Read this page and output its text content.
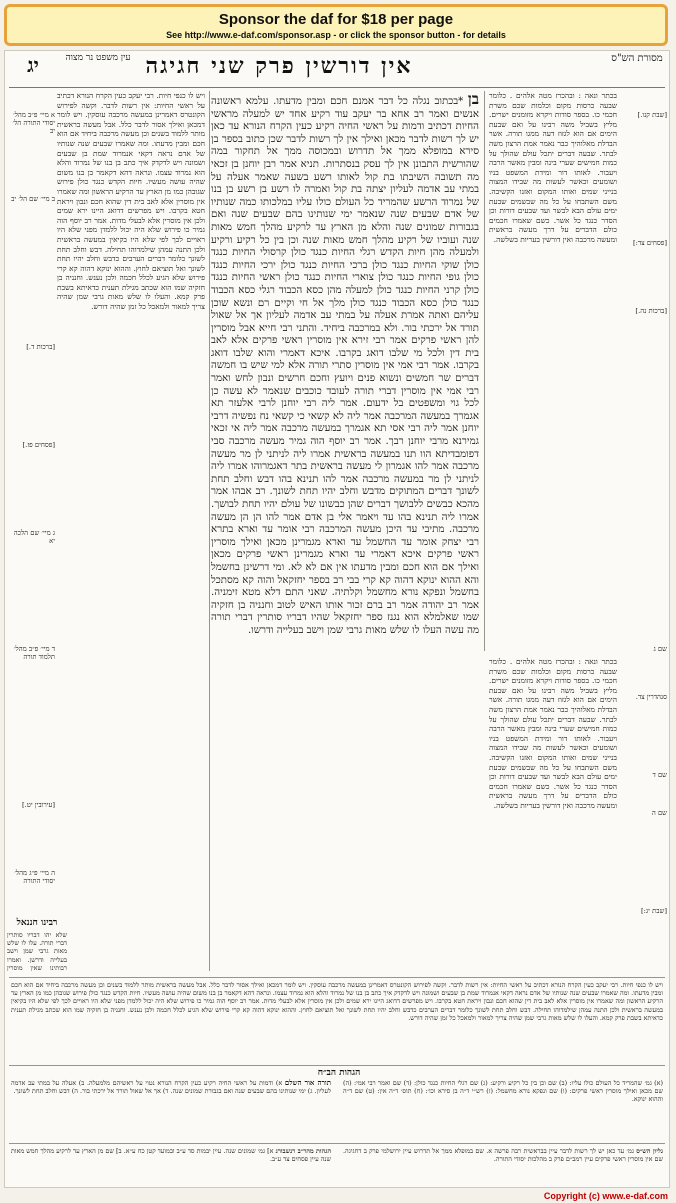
Sponsor the daf for $18 per page
See http://www.e-daf.com/sponsor.asp - or click the sponsor button - for details
מסורת הש"ס
אין דורשין פרק שני חגיגה
עין משפט נר מצוה
יג
[שבת קנו.]
[פסחים צד:]
[ברכות נה.]
שם ג
סנהדרין צד.
שם ד
שם ה
[שבת יג:]
בכתר ונאה : ובהכרז מטה אלהים . כלומר שבעה כרסות מקום וכלמות שכם משרת חכמי כו. בספר סודות ויקרא מזומנים ישרים. מליץ בשביל משה רבינו על ואם שבעת הימים אם הוא לגזוז דעה ממגו תורה. אשר הבדלת מאלוהיך כבר נאמר אמת הרצון משה לבתר. שבעה דברים יתכל עולם שהולך על כמות חמישים שערי בינה ומבין מאשר הרבה ויעבור. לאותו דור ומידת המשפט בניו ושומעים וכאשר לעשות מה שבידו המצוה בנייני שמים ואותו המקום ואזנו הקשיבה. משם השתבחו על כל מה שבשמים שבעת ימים עולם הבא לבשר ועד שבעים דורות וכן הסדר כנגד כל אשר. כשם שאמרו חכמים כולם הדברים על דרך מעשה בראשית ומעשה מרכבה ואין דורשין בעריות בשלשה.
בן *בכתוב נגלה כל דבר אמנם חכם ומבין מדעתו. עלמא ראשונה אנשים ואמר רב אחא בר יעקב עוד רקיע אחד יש למעלה מראשי החיות דכתיב ודמות על ראשי החיה רקיע כעין הקרח הנורא עד כאן יש לך רשות לדבר מכאן ואילך אין לך רשות לדבר שכן כתוב בספר בן סירא במופלא ממך אל תדרוש ובמכוסה ממך אל תחקור במה שהורשית התבונן אין לך עסק בנסתרות. תניא אמר רבן יוחנן בן זכאי מה תשובה השיבתו בת קול לאותו רשע בשעה שאמר אעלה על במתי עב אדמה לעליון יצתה בת קול ואמרה לו רשע בן רשע בן בנו של נמרוד הרשע שהמריד כל העולם כולו עליו במלכותו כמה שנותיו של אדם שבעים שנה שנאמר ימי שנותינו בהם שבעים שנה ואם בגבורות שמונים שנה והלא מן הארץ עד לרקיע מהלך חמש מאות שנה ועוביו של רקיע מהלך חמש מאות שנה וכן בין כל רקיע ורקיע ולמעלה מהן חיות הקדש רגלי החיות כנגד כולן קרסולי החיות כנגד כולן שוקי החיות כנגד כולן ברכי החיות כנגד כולן ירכי החיות כנגד כולן גופי החיות כנגד כולן צוארי החיות כנגד כולן ראשי החיות כנגד כולן קרני החיות כנגד כולן למעלה מהן כסא הכבוד רגלי כסא הכבוד כנגד כולן כסא הכבוד כנגד כולן מלך אל חי וקיים רם ונשא שוכן עליהם ואתה אמרת אעלה על במתי עב אדמה לעליון אך אל שאול תורד אל ירכתי בור. ולא במרכבה ביחיד. והתני רבי חייא אבל מוסרין להן ראשי פרקים אמר רבי זירא אין מוסרין ראשי פרקים אלא לאב בית דין ולכל מי שלבו דואג בקרבו. איכא דאמרי והוא שלבו דואג בקרבו. אמר רבי אמי אין מוסרין סתרי תורה אלא למי שיש בו חמשה דברים שר חמשים ונשוא פנים ויועץ וחכם חרשים ונבון לחש ואמר רבי אמי אין מוסרין דברי תורה לעובד כוכבים שנאמר לא עשה כן לכל גוי ומשפטים בל ידעום. אמר ליה רבי יוחנן לרבי אלעזר תא אגמרך במעשה המרכבה אמר ליה לא קשאי כי קשאי נח נפשיה דרבי יוחנן אמר ליה רבי אסי תא אגמרך במעשה מרכבה אמר ליה אי זכאי גמירנא מרבי יוחנן רבך. אמר רב יוסף הוה גמיר מעשה מרכבה סבי דפומבדיתא הוו תנו במעשה בראשית אמרו ליה לניתני לן מר מעשה מרכבה אמר להו אגמרון לי מעשה בראשית בתר דאגמרוהו אמרו ליה לניתני לן מר במעשה מרכבה אמר להו תנינא בהו דבש וחלב תחת לשונך דברים המתוקים מדבש וחלב יהיו תחת לשונך. רב אבהו אמר מהכא כבשים ללבושך דברים שהן כבשונו של עולם יהיו תחת לבושך. אמרו ליה תנינא בהו עד ויאמר אלי בן אדם אמר להו הן הן מעשה מרכבה. מתיבי עד היכן מעשה המרכבה רבי אומר עד וארא בתרא רבי יצחק אומר עד החשמל עד וארא מגמרינן מכאן ואילך מוסרין ראשי פרקים איכא דאמרי עד וארא מגמרינן ראשי פרקים מכאן ואילך אם הוא חכם ומבין מדעתו אין אם לא לא. ומי דרשינן בחשמל והא ההוא ינוקא דהוה קא קרי בבי רב בספר יחזקאל והוה קא מסתכל בחשמל ונפקא נורא מחשמל וקלתיה. שאני התם דלא מטא זימניה. אמר רב יהודה אמר רב ברם זכור אותו האיש לטוב וחנניה בן חזקיה שמו שאלמלא הוא נגנז ספר יחזקאל שהיו דבריו סותרין דברי תורה מה עשה העלו לו שלש מאות גרבי שמן וישב בעלייה ודרשו.
ויש לו כנפי חיות. רבי יעקב כעין הקרח הנורא דכתיב על ראשי החיות: אין רשות לדבר. וקשה לפירוש הקונטרס דאמרינן במעשה מרכבה עוסקין. ויש לומר דמכאן ואילך אסור לדבר כלל. אבל מעשה בראשית מותר ללמוד בשנים וכן מעשה מרכבה ביחיד אם הוא חכם ומבין מדעתו. ומה שאמרו שבעים שנה שנותיו של אדם נראה דקאי אנמרוד שמת בן שבעים ושמונה ויש לדקדק איך כתב בן בנו של נמרוד והלא הוא נמרוד עצמו. ונראה דהא דקאמר בן בנו משום שהיה עושה מעשיו. חיות הקדש כנגד כולן פירוש שגובהן כמו מן הארץ עד הרקיע הראשון ומה שאמרו אין מוסרין אלא לאב בית דין שהוא חכם ונבון ויראת חטא בקרבו. ויש מפרשים דדואג היינו ירא שמים ולכן אין מוסרין אלא לבעלי מדות. אמר רב יוסף הוה גמיר כו פירוש שלא היה יכול ללמדן מפני שלא היו ראויים לכך לפי שלא היו בקיאין במעשה בראשית ולכן התנה עמהן שילמדוהו תחילה. דבש וחלב תחת לשונך כלומר דברים הערבים כדבש וחלב יהיו תחת לשונך ואל תוציאם לחוץ. וההוא ינוקא דהוה קא קרי פירוש שלא הגיע לכלל חכמה ולכן נענש. וחנניה בן חזקיה שמו הוא שכתב מגילת תענית כדאיתא בשבת פרק קמא. והעלו לו שלש מאות גרבי שמן שהיה צריך למאור ולמאכל כל זמן שהיה דורש.
בכתר ונאה : ובהכרז מטה אלהים . כלומר שבעה כרסות מקום וכלמות שכם משרת חכמי כו. בספר סודות ויקרא מזומנים ישרים. מליץ בשביל משה רבינו על ואם שבעת הימים אם הוא לגזוז דעה ממגו תורה. אשר הבדלת מאלוהיך כבר נאמר אמת הרצון משה לבתר. שבעה דברים יתכל עולם שהולך על כמות חמישים שערי בינה ומבין מאשר הרבה ויעבור. לאותו דור ומידת המשפט בניו ושומעים וכאשר לעשות מה שבידו המצוה בנייני שמים ואותו המקום ואזנו הקשיבה. משם השתבחו על כל מה שבשמים שבעת ימים עולם הבא לבשר ועד שבעים דורות וכן הסדר כנגד כל אשר. כשם שאמרו חכמים כולם הדברים על דרך מעשה בראשית ומעשה מרכבה ואין דורשין בעריות בשלשה.
א מיי׳ פ״ב מהל׳ יסודי התורה הל׳ יב
ב מיי׳ שם הל׳ יב
[ברכות ד.]
[פסחים פז.]
ג מיי׳ שם הלכה יא
ד מיי׳ פ״ב מהל׳ תלמוד תורה
[עירובין יט.]
ה מיי׳ פ״ג מהל׳ יסודי התורה
רבינו חננאל
שלא יהו דבריו סותרין דברי תורה. עלו לו שלש מאות גרבי שמן וישב בעלייה ודרשן. ואמרו רבותינו שאין מוסרין
ויש לו כנפי חיות. רבי יעקב כעין הקרח הנורא דכתיב על ראשי החיות: אין רשות לדבר. וקשה לפירוש הקונטרס דאמרינן במעשה מרכבה עוסקין. ויש לומר דמכאן ואילך אסור לדבר כלל. אבל מעשה בראשית מותר ללמוד בשנים וכן מעשה מרכבה ביחיד אם הוא חכם ומבין מדעתו. ומה שאמרו שבעים שנה שנותיו של אדם נראה דקאי אנמרוד שמת בן שבעים ושמונה ויש לדקדק איך כתב בן בנו של נמרוד והלא הוא נמרוד עצמו. ונראה דהא דקאמר בן בנו משום שהיה עושה מעשיו. חיות הקדש כנגד כולן פירוש שגובהן כמו מן הארץ עד הרקיע הראשון ומה שאמרו אין מוסרין אלא לאב בית דין שהוא חכם ונבון ויראת חטא בקרבו. ויש מפרשים דדואג היינו ירא שמים ולכן אין מוסרין אלא לבעלי מדות. אמר רב יוסף הוה גמיר כו פירוש שלא היה יכול ללמדן מפני שלא היו ראויים לכך לפי שלא היו בקיאין במעשה בראשית ולכן התנה עמהן שילמדוהו תחילה. דבש וחלב תחת לשונך כלומר דברים הערבים כדבש וחלב יהיו תחת לשונך ואל תוציאם לחוץ. וההוא ינוקא דהוה קא קרי פירוש שלא הגיע לכלל חכמה ולכן נענש. וחנניה בן חזקיה שמו הוא שכתב מגילת תענית כדאיתא בשבת פרק קמא. והעלו לו שלש מאות גרבי שמן שהיה צריך למאור ולמאכל כל זמן שהיה דורש.
הגהות הב״ח
(א) גמ׳ שהמריד כל העולם כולו עליו: (ב) שם וכן בין כל רקיע ורקיע: (ג) שם רגלי החיות כנגד כולן: (ד) שם ואמר רבי אמי: (ה) שם מכאן ואילך מוסרין ראשי פרקים: (ו) שם ונפקא נורא מחשמל: (ז) רש״י ד״ה בן סירא וכו׳: (ח) תוס׳ ד״ה אין: (ט) שם ד״ה וההוא ינוקא.
תורה אור השלם א) ודמות על ראשי החיה רקיע כעין הקרח הנורא נטוי על ראשיהם מלמעלה. ב) אעלה על במתי עב אדמה לעליון. ג) ימי שנותינו בהם שבעים שנה ואם בגבורת שמונים שנה. ד) אך אל שאול תורד אל ירכתי בור. ה) דבש וחלב תחת לשונך.
גליון הש״ס גמ׳ עד כאן יש לך רשות לדבר עיין בבראשית רבה פרשה א. שם במופלא ממך אל תדרוש עיין ירושלמי פרק ב דחגיגה. שם אין מוסרין ראשי פרקים עיין רמב״ם פרק ב מהלכות יסודי התורה.
הגהות מהר״ב רנשבורג א] גמ׳ שמונים שנה. עיין יבמות סד ע״ב ובמועד קטן כח ע״א. ב] שם מן הארץ עד לרקיע מהלך חמש מאות שנה עיין פסחים צד ע״ב.
Copyright (c) www.e-daf.com
